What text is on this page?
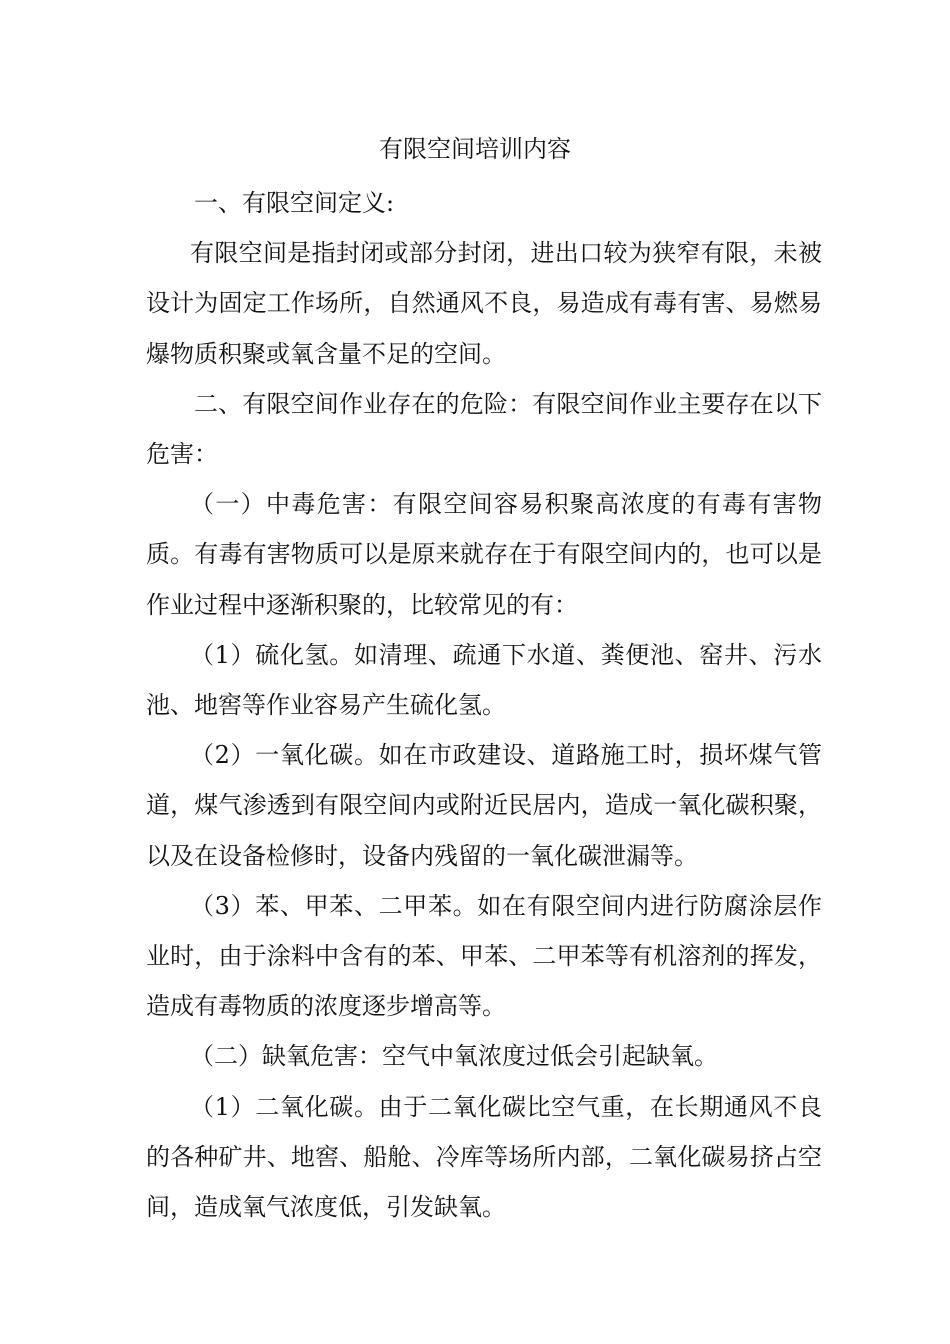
有限空间培训内容

一、有限空间定义:

有限空间是指封闭或部分封闭，进出口较为狭窄有限，未被设计为固定工作场所，自然通风不良，易造成有毒有害、易燃易爆物质积聚或氧含量不足的空间。

二、有限空间作业存在的危险：有限空间作业主要存在以下危害：

（一）中毒危害：有限空间容易积聚高浓度的有毒有害物质。有毒有害物质可以是原来就存在于有限空间内的，也可以是作业过程中逐渐积聚的，比较常见的有：

（1）硫化氢。如清理、疏通下水道、粪便池、窑井、污水池、地窖等作业容易产生硫化氢。

（2）一氧化碳。如在市政建设、道路施工时，损坏煤气管道，煤气渗透到有限空间内或附近民居内，造成一氧化碳积聚，以及在设备检修时，设备内残留的一氧化碳泄漏等。

（3）苯、甲苯、二甲苯。如在有限空间内进行防腐涂层作业时，由于涂料中含有的苯、甲苯、二甲苯等有机溶剂的挥发，造成有毒物质的浓度逐步增高等。

（二）缺氧危害：空气中氧浓度过低会引起缺氧。

（1）二氧化碳。由于二氧化碳比空气重，在长期通风不良的各种矿井、地窖、船舱、冷库等场所内部，二氧化碳易挤占空间，造成氧气浓度低，引发缺氧。
